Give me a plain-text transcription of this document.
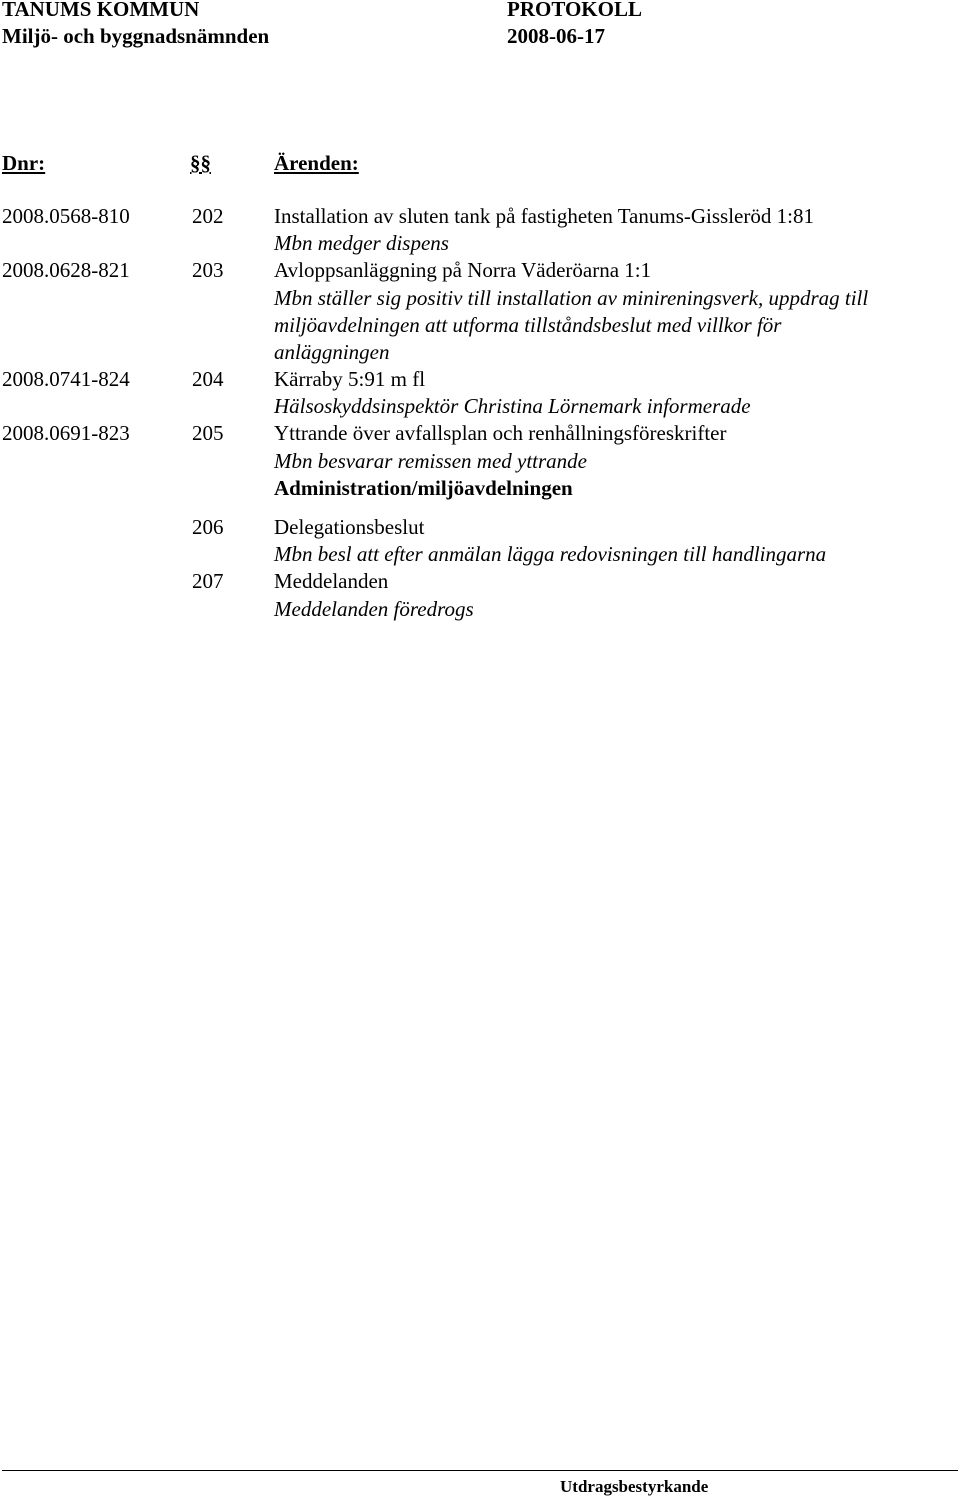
TANUMS KOMMUN	PROTOKOLL
Miljö- och byggnadsnämnden	2008-06-17
Dnr:	§§	Ärenden:
2008.0568-810	202 Installation av sluten tank på fastigheten Tanums-Gissleröd 1:81
Mbn medger dispens
2008.0628-821	203 Avloppsanläggning på Norra Väderöarna 1:1
Mbn ställer sig positiv till installation av minireningsverk, uppdrag till
miljöavdelningen att utforma tillståndsbeslut med villkor för
anläggningen
2008.0741-824	204 Kärraby 5:91 m fl
Hälsoskyddsinspektör Christina Lörnemark informerade
2008.0691-823	205 Yttrande över avfallsplan och renhållningsföreskrifter
Mbn besvarar remissen med yttrande
Administration/miljöavdelningen
206 Delegationsbeslut
Mbn besl att efter anmälan lägga redovisningen till handlingarna
207 Meddelanden
Meddelanden föredrogs
Utdragsbestyrkande
